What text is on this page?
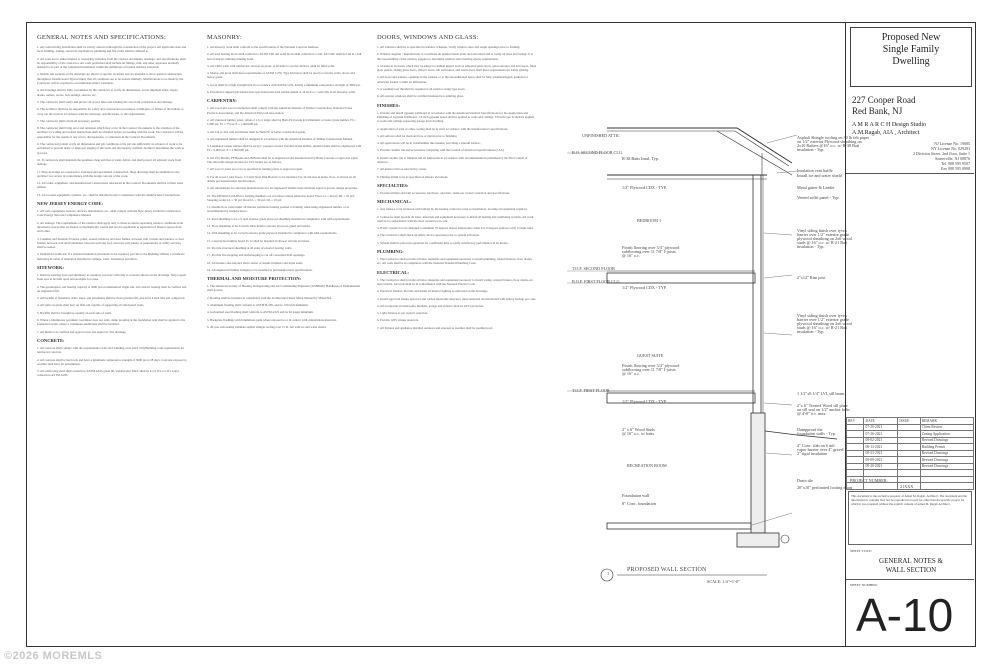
GENERAL NOTES AND SPECIFICATIONS:
1. All codes having jurisdiction shall be strictly observed through the construction of the project. All applicable state and local building, zoning, electrical, mechanical, plumbing and fire codes shall be adhered to.
2. All work not to either implied or reasonably inferable from the contract documents, drainage, and specifications, shall be responsibility of the contractor. All work performed shall include all fittings, trim, and other apparatus normally deemed to be part of the completed installation within the definitions of normal industry standards.
3. Details and sections on the drawings are shown at specific locations and are intended to show general construction throughout. Details noted Typical imply that all conditions are to be treated similarly. Modifications to be made by the Contractor will be required to accommodate minor variations.
4. All drawings shall be fully coordinated by the contractor to verify all dimensions, locate shipment slabs, slopes, drains, outlets, recess, bolt settings, sleeves, etc.
5. The contractor shall verify and protect all access lines and existing site area from construction and damage.
6. The Architect shall not be responsible for safety and construction procedures, techniques, or failure of the builder to carry out the work in accordance with the drawings, specifications, or the requirements.
7. The contractor shall obtain all necessary permits.
8. The contractor shall bring error and omission which may occur in the Contract Documents to the attention of the Architect in writing and written instructions shall be obtained before proceeding with the work. The contractor will be responsible for the results of any errors, discrepancies, or omissions in the Contract Documents.
9. The contractor(s) shall verify all dimensions and job conditions at the job site sufficiently in advance of work to be performed to prevent delay or improper staging of the work. All discrepancy notified, Architect determines the work to proceed.
10. If contractors shall maintain the premises clean and free of trash, debris, and shall protect all adjacent work from damage.
11. Shop drawings are required for structural and specialized construction. Shop drawings shall be submitted to the Architect for review in conformance with the design concept of the work.
12. All codes, equipment, and manufacturer's instructions referenced in the Contract Documents shall be of their latest edition.
13. All wooden equipment, systems, etc., shall be installed in strict compliance with the manufacturer's instructions.
NEW JERSEY ENERGY CODE:
1. All wall, equipment, fixtures, devices, installations, etc., shall comply with the New Jersey Uniform Construction Code Energy Subcode Compliance Manual.
2. Air leakage: The requirements of the exterior shall apply only to those locations separating outdoor conditions from the interior spaces that are heated or mechanically cooled and are not applicable to separation of interior spaces from each other.
3. Caulking and Sealants: Exterior joints, around windows and door frames, between wall cavities and window or door frames, between wall and foundation, between wall and roof, between wall panels, at penetrations or utility services, shall be sealed.
4. Insulation Certificate: If a standard insulation placement is not required, provide to the Building Official a certificate indicating R-value of insulation installed in ceilings, walls, foundation and ducts.
SITEWORK:
1. Remove existing trees and shrubbery as required, excavate vertically to contours shown on the drawings. Strip topsoil from area to be built upon and stockpile for reuse.
2. The presumptive soil bearing capacity is 3000 psf on undisturbed virgin soil. All contract bearing shall be verified and on engineered fill.
3. All backfill at basement, slabs, steps, and pavements shall be clean granular fill, placed in 6 inch lifts and compacted.
4. All slabs on grade shall bear on firm soil capable of supporting all anticipated loads.
5. Backfill shall be brought up equally on each side of walls.
6. Where a bituminous pavement coordinate does not exist, damp proofing at the foundation wall shall be applied to the foundation walls, where a continuous membrane shall be installed.
7. All finish to be verified and approved per site approval. Site drainage.
CONCRETE:
1. All concrete shall comply with the requirements of the ACI building code (ACI 318) Building code requirements for reinforced concrete.
2. All concrete shall be hard rock and have a minimum compressive strength of 3000 psi at 28 days. Concrete exposed to weather shall have air entrainment.
3. All reinforcing steel shall conform to ASTM A615 grade 60, welded wire fabric shall be 6 x 6 W1.4 x W1.4 and conform to ASTM A185.
MASONRY:
1. All masonry work shall conform to the specifications of the National Concrete Institute.
2. All load bearing block shall conform to ASTM C90. All solid block shall conform to C145. All CMU shall be laid in a full bed of mortar, utilizing running bond.
3. All CMU walls with reinforced concrete on grout, at all units to receive anchors, shall be filled solid.
4. Mortar and grout shall meet requirements of ASTM C270, Type M mortar shall be used for exterior walls, above and below grade.
5. Grout shall be a high strength mix in accordance with ASTM C476, having a minimum compressive strength of 3000 psi.
6. Provide hot dipped galvanized truss type horizontal joint reinforcement at 16 inch o.c. vertically in all masonry walls.
CARPENTRY:
1. All wood and wood construction shall comply with the American Institute of Timber Construction, National Forest Products Association, and the American Plywood Association.
2. All structural lumber joists, rafters 2 x 6 or larger shall be Hem-Fir (Grade #2) minimum; or better grade lumber. Fb = 1,000 psi, Fv = 75 psi, E = 1,300,000 psi.
3. All 2x4 or 3x4 wall and header shall be Hem-Fir or better construction grade.
4. All engineered lumber shall be designed in accordance with the American Institute of Timber Construction Manual.
5. Laminated veneer lumber shall be ACQ-C pressure treated. Parallel strand lumber, glulam beams shall be engineered with Fb = 2,900 psi, E = 2,000,000 psi.
6. All LVL Beams, PP Beams and IB Beam shall be as engineered and manufactured by Boise Cascade or approved equal. The allowable design stresses for LVL beams are as follows.
7. All wood 2 joists are to be as specified in framing plans or approved equal.
8. For all wood 2 joist floors, 1/2 inch Strap Rim Board is to be installed. For all rim size in home, floor, as shown on all details per manufacturer specifications.
9. All substitutions for alternate manufacturers for all engineered lumber must maintain equal or greater design properties.
10. The DESIGN LOADS for framing members are as follows unless otherwise noted: Floor LL = 40 psf, DL = 10 psf; Sleeping rooms LL = 30 psf; Roof LL = 30 psf, DL = 10 psf.
11. Double floor joists under all interior partitions running parallel to framing when using engineered lumber, or as recommended by manufacturers.
12. Roof sheathing to be 1/2 inch exterior grade plywood sheathing installed in compliance with APA requirements.
13. Floor sheathing to be 3/4 inch T&G interior exterior plywood, glued and nailed.
14. Wall sheathing to be 1/2 inch exterior grade plywood installed in compliance with APA requirements.
15. Construction lumber board 2x 12 shall be installed in shower and tub locations.
16. Provide structural sheathing at all sides of exterior bearing walls.
17. Provide fire-stopping and draftstopping to cut off concealed draft openings.
18. All headers and entrance shall consist of double trimmers and triple studs.
19. All engineered lumber bridging to be installed as per manufacturer specifications.
THERMAL AND MOISTURE PROTECTION:
1. The American Society of Heating, Refrigerating and Air Conditioning Engineers (ASHRAE) Handbook of Fundamentals shall govern.
2. Roofing shall be installed in compliance with the Architectural Sheet Metal Manual by SMACNA.
3. Aluminum flashing shall conform to ASTM B-209, and be .016 inch minimum.
4. Galvanized steel flashing shall conform to ASTM A525 and be 26 gauge minimum.
5. Backplate flashings with bituminous paint where exposed to or in contact with cementitious materials.
6. 40 year self-sealing laminate asphalt shingle roofing over 15 lb. felt with ice and water shield.
DOORS, WINDOWS AND GLASS:
1. All windows shall be as specified in window schedule. Verify window sizes and rough openings prior to framing.
2. Window supplier / manufacturer to coordinate all unidirectional plans and elevations and to verify all sizes and swings. It is the responsibility of the window supplier to determine window sizes meeting egress requirements.
3. Glazing in locations which may be subject to human impact such as tempered glass doors, glass entrance and exit doors, fixed glass panels, sliding glass doors, shower doors, tub enclosures, and storm doors shall meet requirements for safety glazing.
4. All doors and window openings in the exterior or to the unconditioned space shall be fully weatherstripped, gasketed or otherwise treated to limit air infiltration.
5. A weatherproof threshold is required at all exterior swing type doors.
6. All exterior windows shall be certified insulated low emitting glass.
FINISHES:
1. Provide and install gypsum wallboard in accordance with the American Standard Specifications for the Application and Finishing of Gypsum Wallboard. 1/2 inch gypsum board shall be applied to walls and ceilings, 5/8 inch type X shall be applied to walls and ceilings separating garage from dwelling.
2. Application of joint or other coating shall be in strict accordance with the manufacturer's specifications.
3. All surfaces shall be clean and free of debris prior to finishing.
4. All applications will be in workmanlike like manner, providing a smooth surface.
5. Provide ceramic tile and accessories complying with the Council of American Specifications (CAS).
6. Install ceramic tile at finished and all bathrooms in accordance with recommendations published by the Tile Council of America.
7. All interior trim as selected by owner.
8. Finishes finish to be as specified on interior elevations.
SPECIALTIES:
1. Provide kitchen and bath accessories, hardware, and misc. items per owner's selection and specifications.
MECHANICAL:
1. Any furnace to be reviewed with builder by the heating contractor prior to installation, locating all equipment required.
2. Contractor shall provide all labor, materials and equipment necessary to install all heating and ventilating systems. All work shall be in conformance with the most current local code.
3. HVAC system is to be designed to maintain 70 degrees indoor temperature when it is 0 degrees outdoors with 15 mph wind.
4. The Contractor shall check all utility device operation prior to system activation.
5. System shall be placed in operation for a sufficient time to verify satisfactory performance in all modes.
PLUMBING:
1. The Contractor shall provide all labor, materials and equipment necessary to install plumbing, related fixtures, floor drains, etc. All work shall be in compliance with the National Standard Plumbing Code.
ELECTRICAL:
1. The Contractor shall provide all labor, materials and equipment necessary to install wiring, related fixtures, floor drains, etc. and controls. All work shall be in conformance with the National Electric Code.
2. Electrical fixtures: Provide and install all interior lighting as indicated on the drawings.
3. Install approved smoke detectors and carbon monoxide detectors, interconnected and hardwired with battery backup per code.
4. All receptacles in bathrooms, kitchens, garage and exterior shall be GFCI protected.
5. Light fixtures as per owner's selection.
6. Provide 120V smoke detectors.
7. All fixtures and appliance installed outdoors and exposed to weather shall be weatherproof.
UNFINISHED ATTIC
B.O. SECOND FLOOR CLG.
BEDROOM 1
T.O.F. SECOND FLOOR
B.O.F. FIRST FLOOR CLG.
GUEST SUITE
T.O.F. FIRST FLOOR
RECREATION ROOM
1
PROPOSED WALL SECTION
SCALE: 1/4"=1'-0"
Asphalt Shingle roofing on 30 lb felt paper
on 1/2" exterior Plywood sheathing on
2x10 Rafters @16" o.c. w/ R-38 Batt
insulation - Typ.
Insulation vent baffle
Install ice and water shield
Metal gutter & Leader
Vented soffit panel - Typ.
Vinyl siding finish over tyvek
barrier over 1/2" exterior grade
plywood sheathing on 2x6 wood
studs @ 16" o.c. w/ R-21 Batt
insulation - Typ.
2"x12" Rim joist
Vinyl siding finish over tyvek
barrier over 1/2" exterior grade
plywood sheathing on 2x6 wood
studs @ 16" o.c. w/ R-21 Batt
insulation - Typ.
1 1/2"x9 1/4" LVL sill beam
2"x 6" Treated Wood sill plate
on sill seal on 1/2" anchor bolts
@ 4'-0" o.c. max.
Dampproof the
foundation walls - Typ.
4" Conc. slab on 6 mil
vapor barrier over 4" gravel
2" rigid insulation
Drain tile
20"x10" perforated footing drain
R-38 Batts Insul. Typ.
1/2" Plywood CDX - TYP.
Finish flooring over 3/4" plywood
subflooring over 11 7/8" I-joists
@ 16" o.c.
1/2" Plywood CDX - TYP.
Finish flooring over 3/4" plywood
subflooring over 11 7/8" I-joists
@ 16" o.c.
1/2" Plywood CDX - TYP.
2" x 6" Wood Studs
@ 16" o.c. w/ batts
Foundation wall
8" Conc. foundation
Proposed New
Single Family
Dwelling
227 Cooper Road
Red Bank, NJ
A M R A R C H Design Studio
A.M.Ragab, AIA , Architect
NJ License No. 19685
NY License No. 029283
2 Division Street, 2nd floor, Suite 1
Somerville, NJ 08876
Tel. 908 595 9507
Fax 908 595 0908
REV	DATE	ISSUE	REMARK
	07-20-2021		Client Review
	07-26-2021		Zoning Application
	08-02-2021		Revised Drawings
	08-13-2021		Building Permit
	08-23-2021		Revised Drawings
	09-09-2021		Revised Drawings
	09-20-2021		Revised Drawings

PROJECT NUMBER:
21XXX
This document is the exclusive property of Adnel M. Ragab, Architect. The document and the information it contains may not be reproduced or used for other than the specific project for which it was prepared without the explicit consent of Adnel M. Ragab Architect.
SHEET TITLE:
GENERAL NOTES &
WALL SECTION
SHEET NUMBER:
A-10
©2026 MOREMLS
